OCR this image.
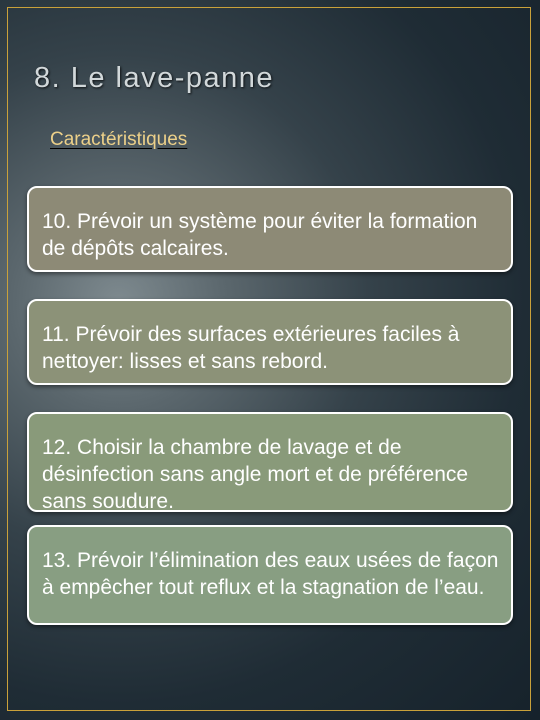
8. Le lave-panne
Caractéristiques
10. Prévoir un système pour éviter la formation de dépôts calcaires.
11. Prévoir des surfaces extérieures faciles à nettoyer: lisses et sans rebord.
12. Choisir la chambre de lavage et de désinfection sans angle mort et de préférence sans soudure.
13. Prévoir l’élimination des eaux usées de façon à empêcher tout reflux et la stagnation de l’eau.
